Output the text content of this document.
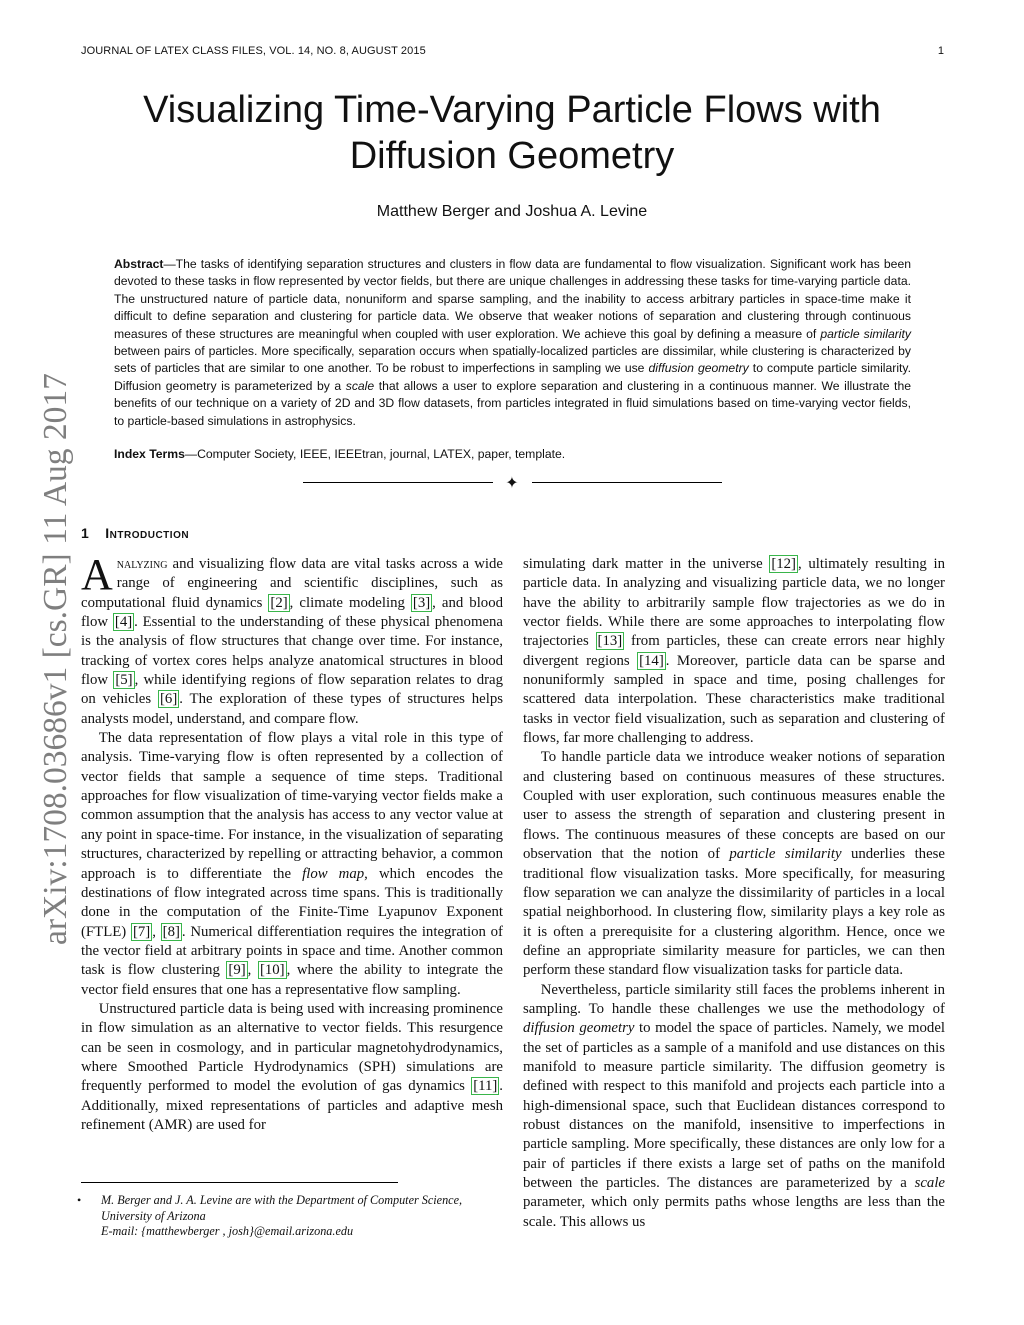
JOURNAL OF LATEX CLASS FILES, VOL. 14, NO. 8, AUGUST 2015	1
arXiv:1708.03686v1 [cs.GR] 11 Aug 2017
Visualizing Time-Varying Particle Flows with
Diffusion Geometry
Matthew Berger and Joshua A. Levine

Abstract—The tasks of identifying separation structures and clusters in flow data are fundamental to flow visualization. Significant work has been devoted to these tasks in flow represented by vector fields, but there are unique challenges in addressing these tasks for time-varying particle data. The unstructured nature of particle data, nonuniform and sparse sampling, and the inability to access arbitrary particles in space-time make it difficult to define separation and clustering for particle data. We observe that weaker notions of separation and clustering through continuous measures of these structures are meaningful when coupled with user exploration. We achieve this goal by defining a measure of particle similarity between pairs of particles. More specifically, separation occurs when spatially-localized particles are dissimilar, while clustering is characterized by sets of particles that are similar to one another. To be robust to imperfections in sampling we use diffusion geometry to compute particle similarity. Diffusion geometry is parameterized by a scale that allows a user to explore separation and clustering in a continuous manner. We illustrate the benefits of our technique on a variety of 2D and 3D flow datasets, from particles integrated in fluid simulations based on time-varying vector fields, to particle-based simulations in astrophysics.

Index Terms—Computer Society, IEEE, IEEEtran, journal, LATEX, paper, template.

✦
1 Introduction

Analyzing and visualizing flow data are vital tasks across a wide range of engineering and scientific disciplines, such as computational fluid dynamics [2] , climate modeling [3] , and blood flow [4] . Essential to the understanding of these physical phenomena is the analysis of flow structures that change over time. For instance, tracking of vortex cores helps analyze anatomical structures in blood flow [5] , while identifying regions of flow separation relates to drag on vehicles [6] . The exploration of these types of structures helps analysts model, understand, and compare flow.

The data representation of flow plays a vital role in this type of analysis. Time-varying flow is often represented by a collection of vector fields that sample a sequence of time steps. Traditional approaches for flow visualization of time-varying vector fields make a common assumption that the analysis has access to any vector value at any point in space-time. For instance, in the visualization of separating structures, characterized by repelling or attracting behavior, a common approach is to differentiate the flow map, which encodes the destinations of flow integrated across time spans. This is traditionally done in the computation of the Finite-Time Lyapunov Exponent (FTLE) [7] , [8] . Numerical differentiation requires the integration of the vector field at arbitrary points in space and time. Another common task is flow clustering [9] , [10] , where the ability to integrate the vector field ensures that one has a representative flow sampling.

Unstructured particle data is being used with increasing prominence in flow simulation as an alternative to vector fields. This resurgence can be seen in cosmology, and in particular magnetohydrodynamics, where Smoothed Particle Hydrodynamics (SPH) simulations are frequently performed to model the evolution of gas dynamics [11] . Additionally, mixed representations of particles and adaptive mesh refinement (AMR) are used for

• M. Berger and J. A. Levine are with the Department of Computer Science, University of Arizona
E-mail: {matthewberger , josh}@email.arizona.edu

simulating dark matter in the universe [12] , ultimately resulting in particle data. In analyzing and visualizing particle data, we no longer have the ability to arbitrarily sample flow trajectories as we do in vector fields. While there are some approaches to interpolating flow trajectories [13] from particles, these can create errors near highly divergent regions [14] . Moreover, particle data can be sparse and nonuniformly sampled in space and time, posing challenges for scattered data interpolation. These characteristics make traditional tasks in vector field visualization, such as separation and clustering of flows, far more challenging to address.

To handle particle data we introduce weaker notions of separation and clustering based on continuous measures of these structures. Coupled with user exploration, such continuous measures enable the user to assess the strength of separation and clustering present in flows. The continuous measures of these concepts are based on our observation that the notion of particle similarity underlies these traditional flow visualization tasks. More specifically, for measuring flow separation we can analyze the dissimilarity of particles in a local spatial neighborhood. In clustering flow, similarity plays a key role as it is often a prerequisite for a clustering algorithm. Hence, once we define an appropriate similarity measure for particles, we can then perform these standard flow visualization tasks for particle data.

Nevertheless, particle similarity still faces the problems inherent in sampling. To handle these challenges we use the methodology of diffusion geometry to model the space of particles. Namely, we model the set of particles as a sample of a manifold and use distances on this manifold to measure particle similarity. The diffusion geometry is defined with respect to this manifold and projects each particle into a high-dimensional space, such that Euclidean distances correspond to robust distances on the manifold, insensitive to imperfections in particle sampling. More specifically, these distances are only low for a pair of particles if there exists a large set of paths on the manifold between the particles. The distances are parameterized by a scale parameter, which only permits paths whose lengths are less than the scale. This allows us
